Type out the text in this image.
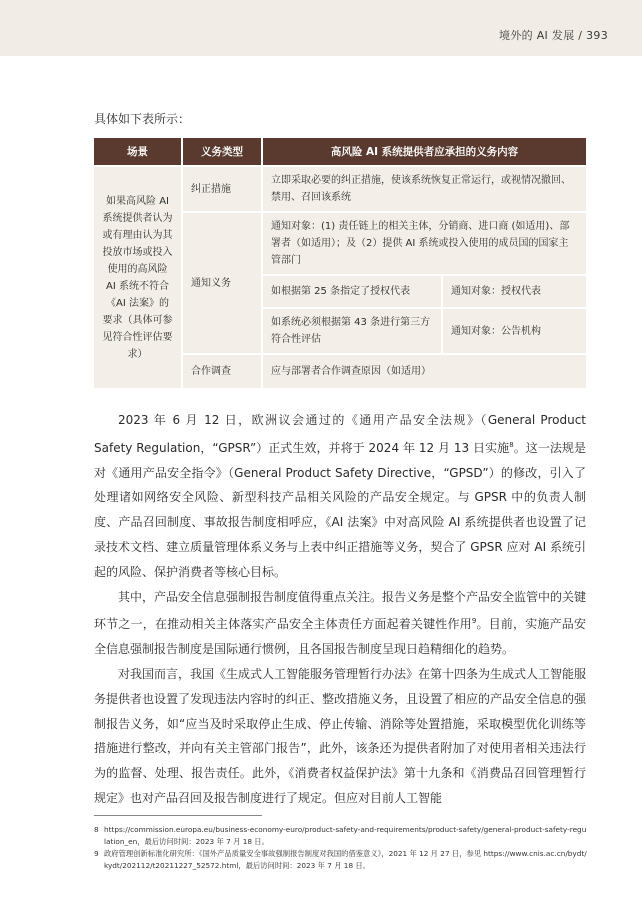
境外的 AI 发展 / 393
具体如下表所示：
场景	义务类型	高风险 AI 系统提供者应承担的义务内容	
如果高风险 AI 系统提供者认为或有理由认为其投放市场或投入使用的高风险 AI 系统不符合《AI 法案》的要求（具体可参见符合性评估要求）	纠正措施	立即采取必要的纠正措施，使该系统恢复正常运行，或视情况撤回、禁用、召回该系统	
	通知义务	通知对象：(1) 责任链上的相关主体，分销商、进口商 (如适用)、部署者（如适用）；及（2）提供 AI 系统或投入使用的成员国的国家主管部门	
		如根据第 25 条指定了授权代表	通知对象：授权代表
		如系统必须根据第 43 条进行第三方符合性评估	通知对象：公告机构
	合作调查	应与部署者合作调查原因（如适用）	

2023 年 6 月 12 日，欧洲议会通过的《通用产品安全法规》（General Product Safety Regulation，“GPSR”）正式生效，并将于 2024 年 12 月 13 日实施$^8$。这一法规是对《通用产品安全指令》（General Product Safety Directive，“GPSD”）的修改，引入了处理诸如网络安全风险、新型科技产品相关风险的产品安全规定。与 GPSR 中的负责人制度、产品召回制度、事故报告制度相呼应，《AI 法案》中对高风险 AI 系统提供者也设置了记录技术文档、建立质量管理体系义务与上表中纠正措施等义务，契合了 GPSR 应对 AI 系统引起的风险、保护消费者等核心目标。

其中，产品安全信息强制报告制度值得重点关注。报告义务是整个产品安全监管中的关键环节之一，在推动相关主体落实产品安全主体责任方面起着关键性作用$^9$。目前，实施产品安全信息强制报告制度是国际通行惯例，且各国报告制度呈现日趋精细化的趋势。

对我国而言，我国《生成式人工智能服务管理暂行办法》在第十四条为生成式人工智能服务提供者也设置了发现违法内容时的纠正、整改措施义务，且设置了相应的产品安全信息的强制报告义务，如“应当及时采取停止生成、停止传输、消除等处置措施，采取模型优化训练等措施进行整改，并向有关主管部门报告”，此外，该条还为提供者附加了对使用者相关违法行为的监督、处理、报告责任。此外，《消费者权益保护法》第十九条和《消费品召回管理暂行规定》也对产品召回及报告制度进行了规定。但应对目前人工智能

8 https://commission.europa.eu/business-economy-euro/product-safety-and-requirements/product-safety/general-product-safety-regulation_en，最后访问时间：2023 年 7 月 18 日。
9 政府管理创新标准化研究所：《国外产品质量安全事故强制报告制度对我国的借鉴意义》，2021 年 12 月 27 日，参见 https://www.cnis.ac.cn/bydt/kydt/202112/t20211227_52572.html，最后访问时间：2023 年 7 月 18 日。
